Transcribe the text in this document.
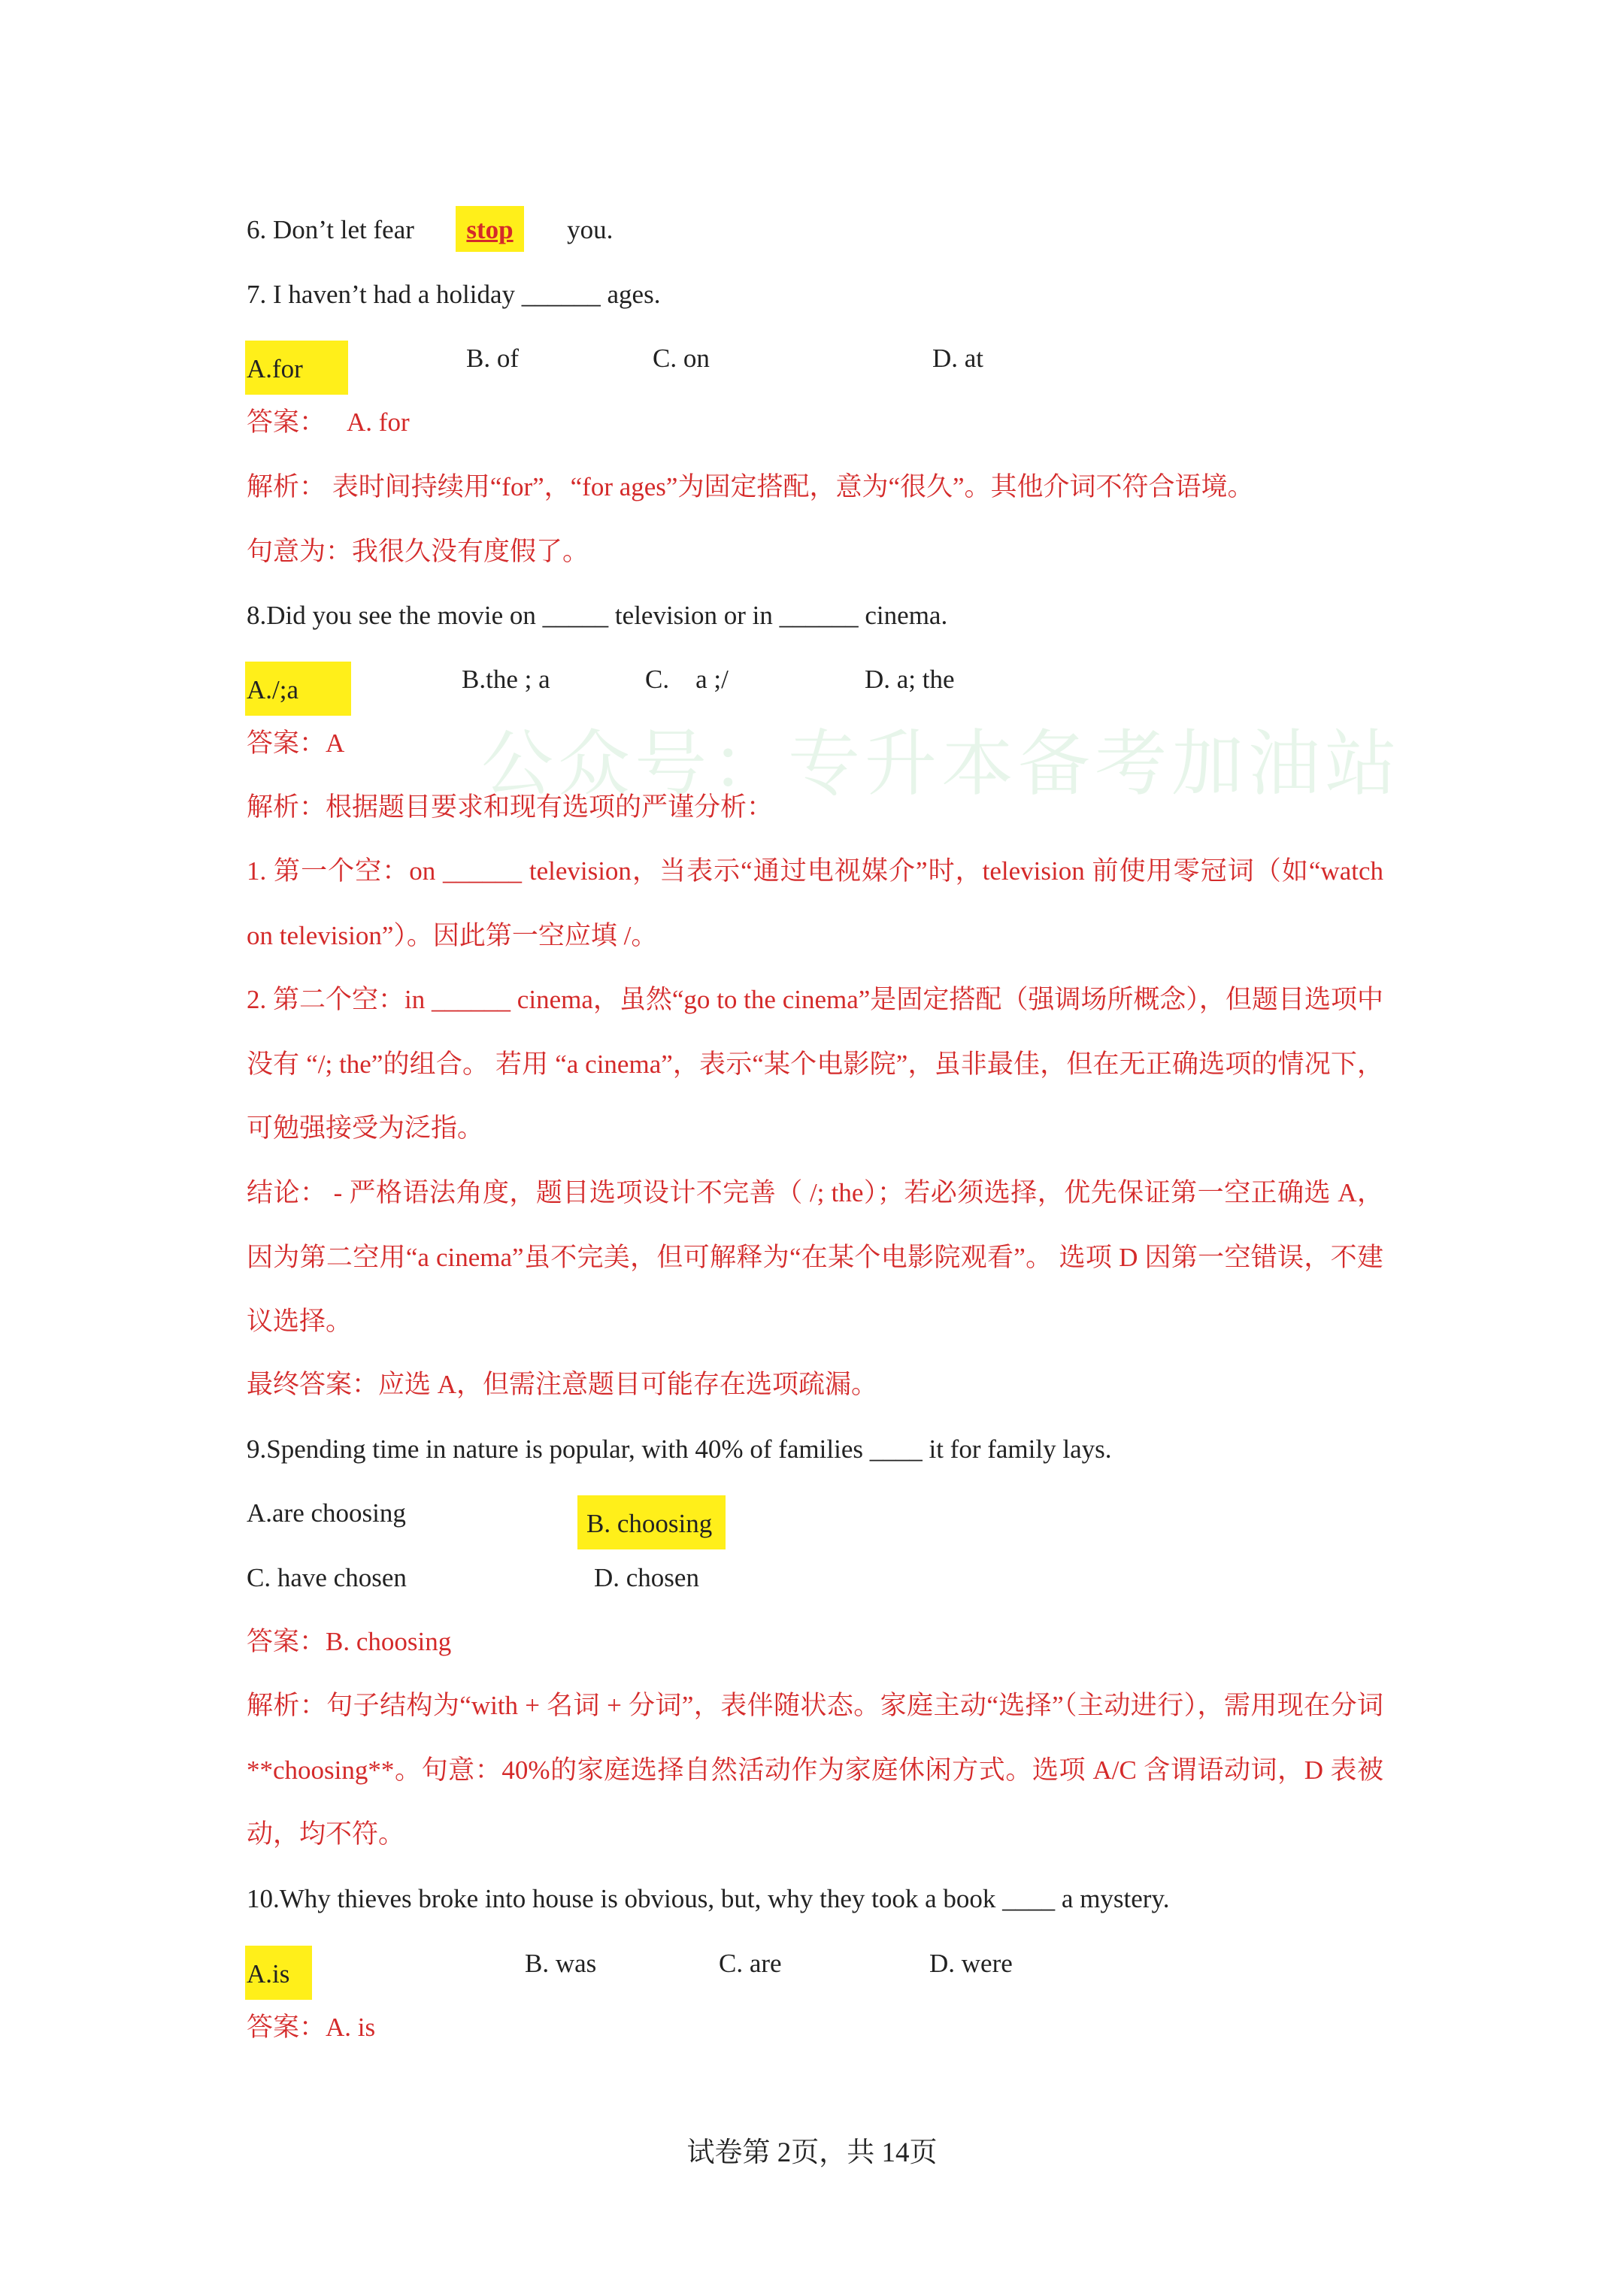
公众号：专升本备考加油站
6. Don’t let fear stop you.
7. I haven’t had a holiday ______ ages.
A.for	B. of	C. on	D. at
答案： A. for
解析： 表时间持续用“for”，“for ages”为固定搭配，意为“很久”。其他介词不符合语境。
句意为：我很久没有度假了。
8.Did you see the movie on _____ television or in ______ cinema.
A./;a	B.the ; a	C.    a ;/	D. a; the
答案：A
解析：根据题目要求和现有选项的严谨分析：
1. 第一个空：on ______ television，当表示“通过电视媒介”时，television 前使用零冠词（如“watch on television”）。因此第一空应填 /。
2. 第二个空：in ______ cinema，虽然“go to the cinema”是固定搭配（强调场所概念），但题目选项中没有 “/; the”的组合。 若用 “a cinema”，表示“某个电影院”，虽非最佳，但在无正确选项的情况下，可勉强接受为泛指。
结论： - 严格语法角度，题目选项设计不完善（ /; the）；若必须选择，优先保证第一空正确选 A，因为第二空用“a cinema”虽不完美，但可解释为“在某个电影院观看”。 选项 D 因第一空错误，不建议选择。
最终答案：应选 A，但需注意题目可能存在选项疏漏。
9.Spending time in nature is popular, with 40% of families ____ it for family lays.
A.are choosing	B. choosing
C. have chosen	D. chosen
答案：B. choosing
解析：句子结构为“with + 名词 + 分词”，表伴随状态。家庭主动“选择”（主动进行），需用现在分词 **choosing**。句意：40%的家庭选择自然活动作为家庭休闲方式。选项 A/C 含谓语动词，D 表被动，均不符。
10.Why thieves broke into house is obvious, but, why they took a book ____ a mystery.
A.is	B. was	C. are	D. were
答案：A. is
试卷第 2页，共 14页
